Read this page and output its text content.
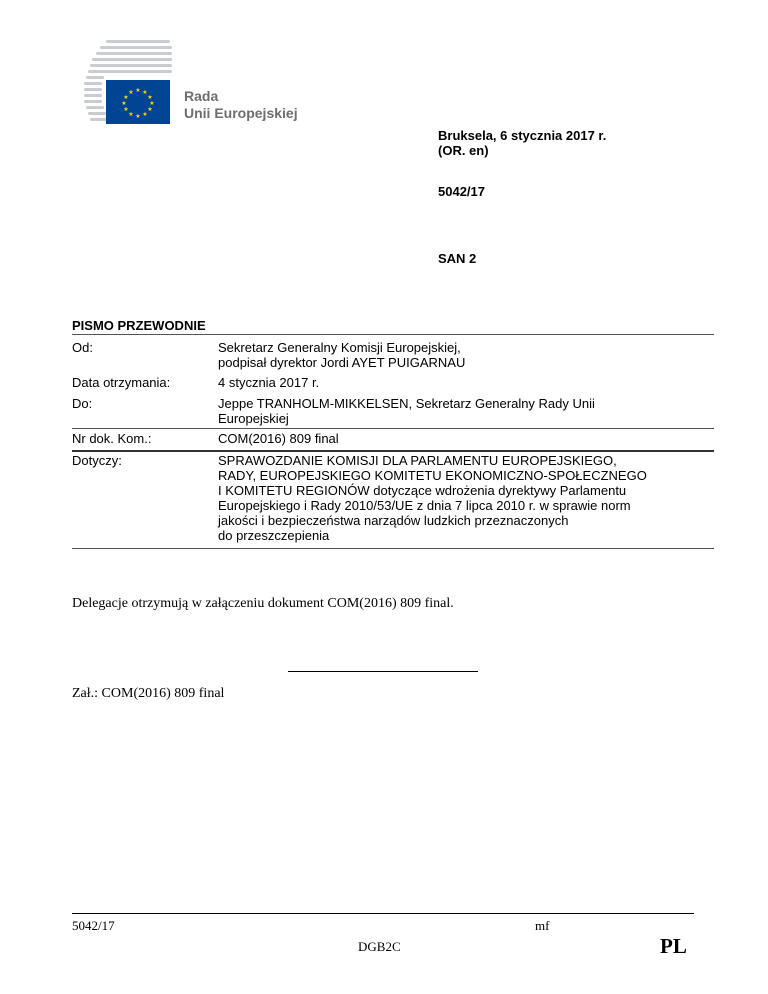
★ ★
★
★
★
★
★
★
★
★
★
★	Rada
Unii Europejskiej
Bruksela, 6 stycznia 2017 r.
(OR. en)
5042/17
SAN 2
PISMO PRZEWODNIE
Od:	Sekretarz Generalny Komisji Europejskiej,
podpisał dyrektor Jordi AYET PUIGARNAU
Data otrzymania:	4 stycznia 2017 r.
Do:	Jeppe TRANHOLM-MIKKELSEN, Sekretarz Generalny Rady Unii
Europejskiej
Nr dok. Kom.:	COM(2016) 809 final
Dotyczy:	SPRAWOZDANIE KOMISJI DLA PARLAMENTU EUROPEJSKIEGO,
RADY, EUROPEJSKIEGO KOMITETU EKONOMICZNO-SPOŁECZNEGO
I KOMITETU REGIONÓW dotyczące wdrożenia dyrektywy Parlamentu
Europejskiego i Rady 2010/53/UE z dnia 7 lipca 2010 r. w sprawie norm
jakości i bezpieczeństwa narządów ludzkich przeznaczonych
do przeszczepienia
Delegacje otrzymują w załączeniu dokument COM(2016) 809 final.
Zał.: COM(2016) 809 final
5042/17	mf
DGB2C	PL
